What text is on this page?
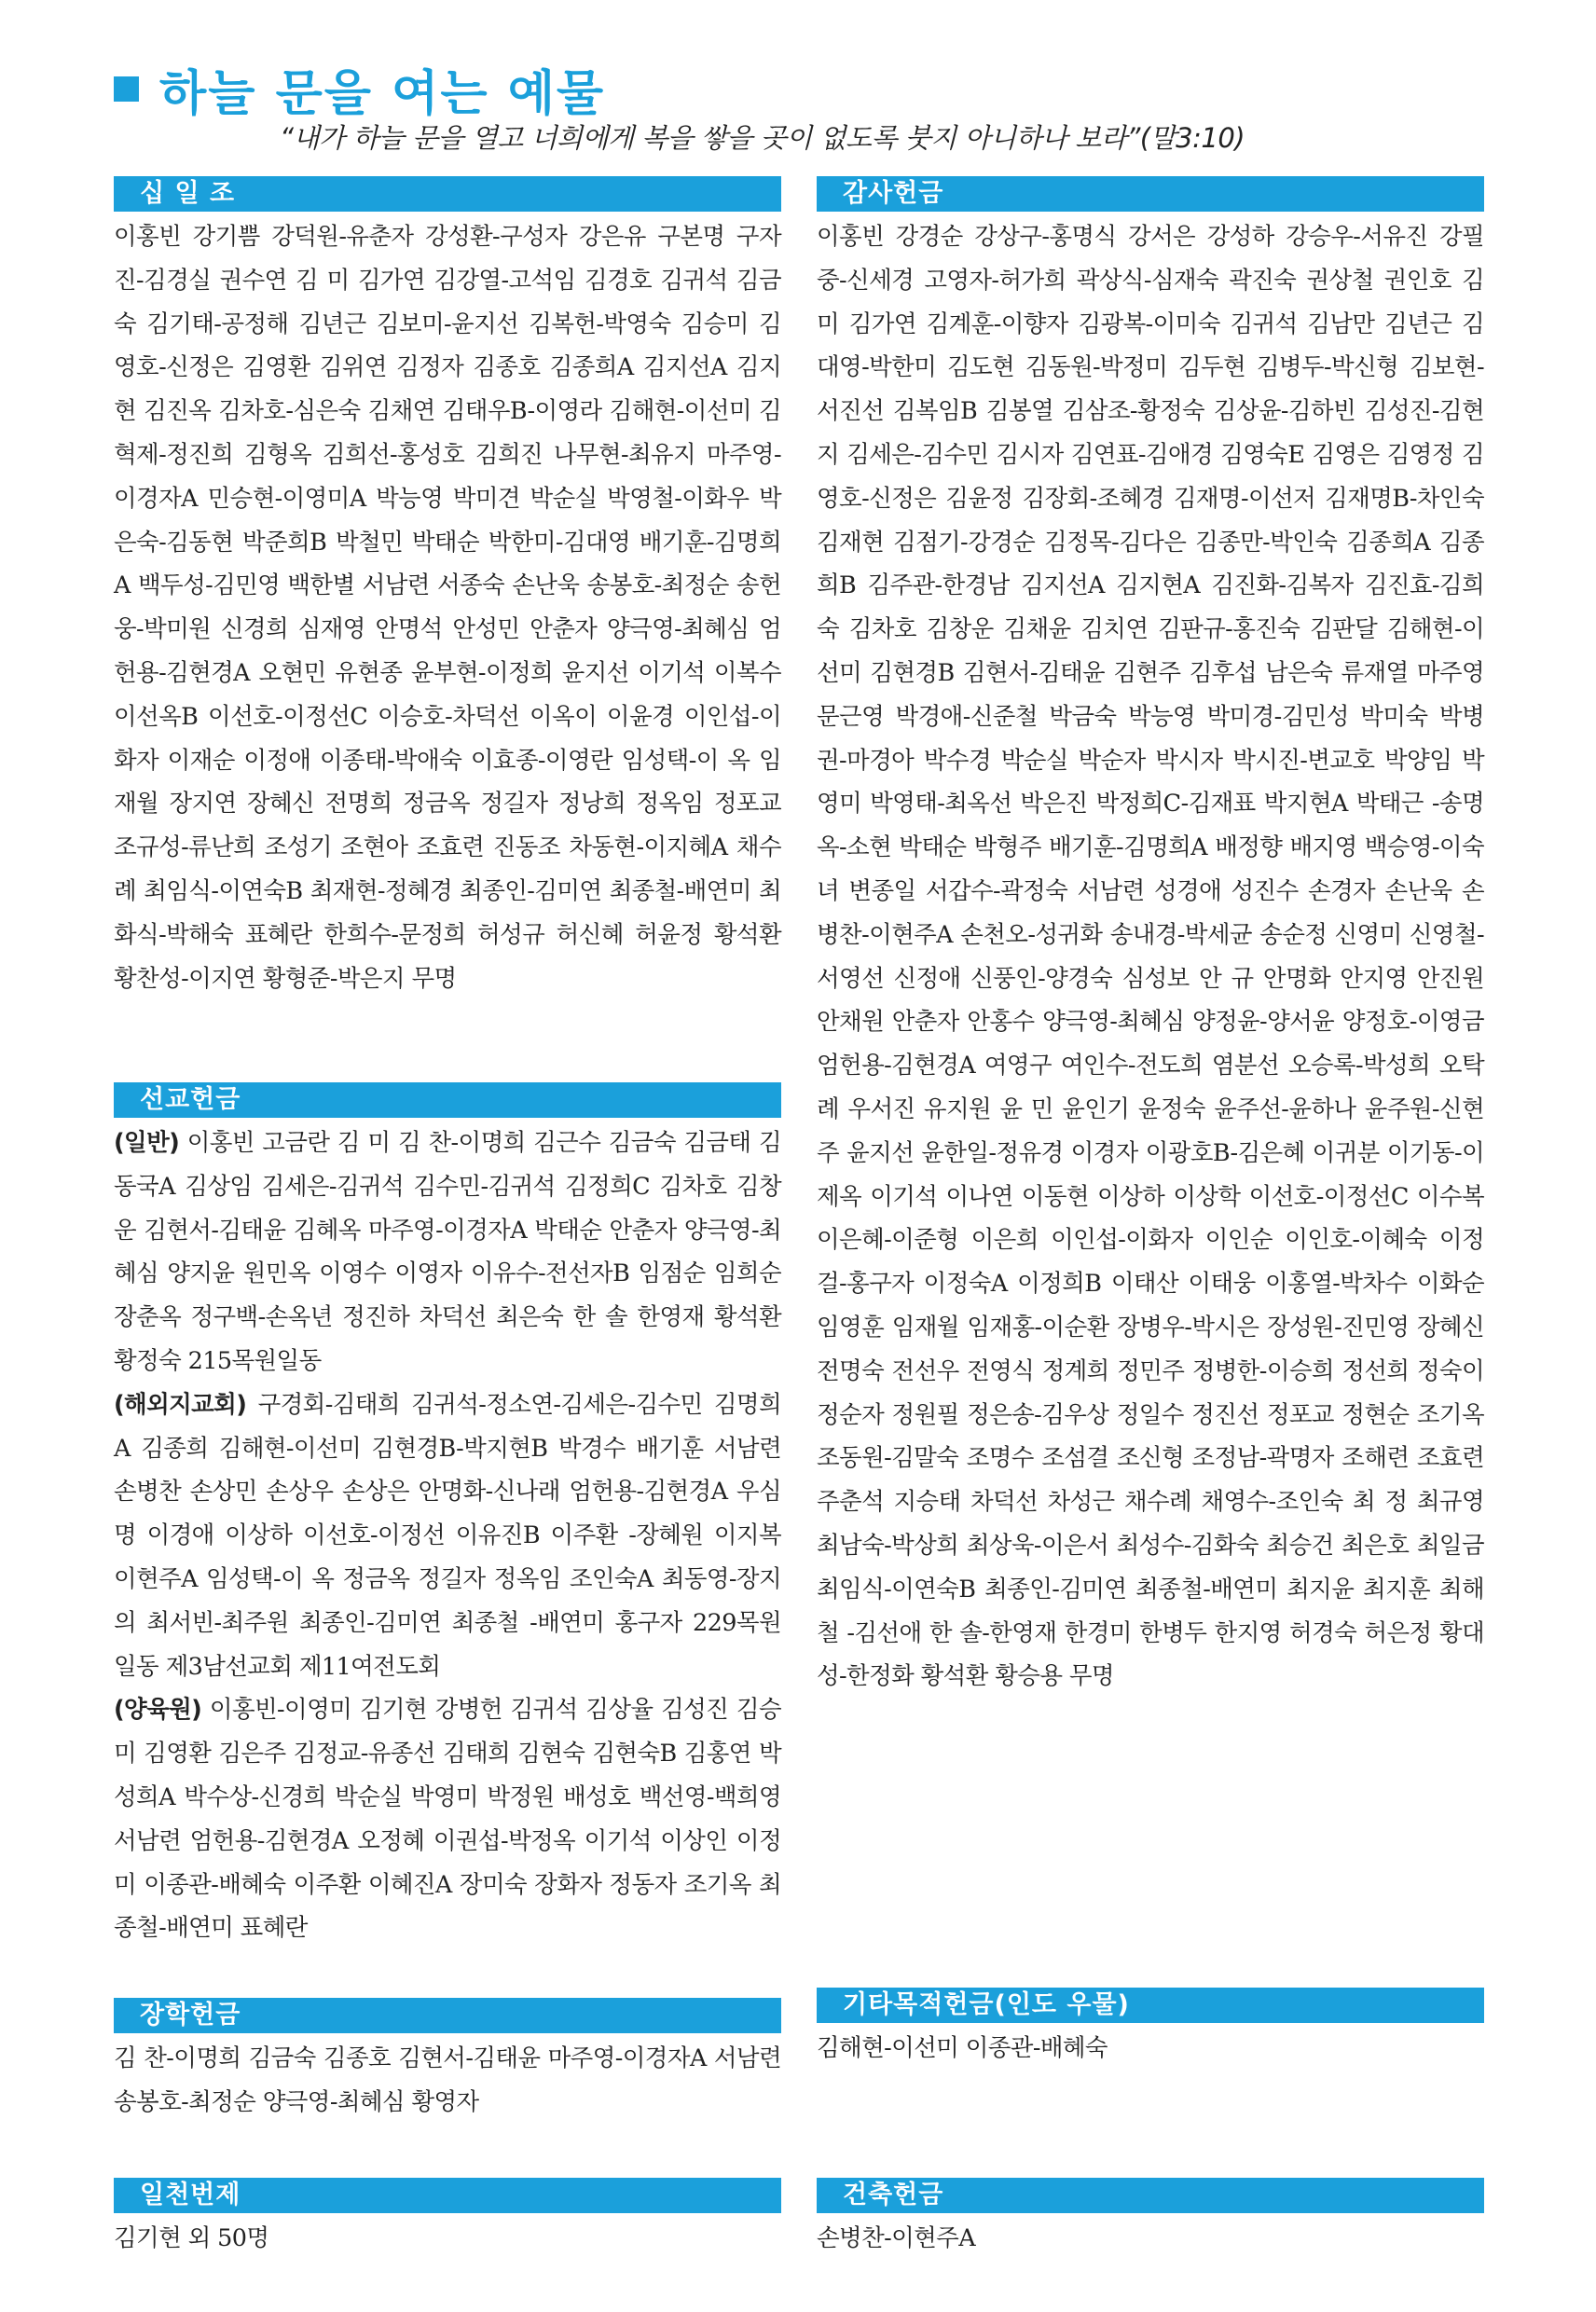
하늘 문을 여는 예물
“내가 하늘 문을 열고 너희에게 복을 쌓을 곳이 없도록 붓지 아니하나 보라”(말3:10)
십 일 조
이홍빈 강기쁨 강덕원-유춘자 강성환-구성자 강은유 구본명 구자진-김경실 권수연 김 미 김가연 김강열-고석임 김경호 김귀석 김금숙 김기태-공정해 김년근 김보미-윤지선 김복헌-박영숙 김승미 김영호-신정은 김영환 김위연 김정자 김종호 김종희A 김지선A 김지현 김진옥 김차호-심은숙 김채연 김태우B-이영라 김해현-이선미 김혁제-정진희 김형옥 김희선-홍성호 김희진 나무현-최유지 마주영-이경자A 민승현-이영미A 박능영 박미견 박순실 박영철-이화우 박은숙-김동현 박준희B 박철민 박태순 박한미-김대영 배기훈-김명희A 백두성-김민영 백한별 서남련 서종숙 손난욱 송봉호-최정순 송헌웅-박미원 신경희 심재영 안명석 안성민 안춘자 양극영-최혜심 엄헌용-김현경A 오현민 유현종 윤부현-이정희 윤지선 이기석 이복수 이선옥B 이선호-이정선C 이승호-차덕선 이옥이 이윤경 이인섭-이화자 이재순 이정애 이종태-박애숙 이효종-이영란 임성택-이 옥 임재월 장지연 장혜신 전명희 정금옥 정길자 정낭희 정옥임 정포교 조규성-류난희 조성기 조현아 조효련 진동조 차동현-이지혜A 채수례 최임식-이연숙B 최재현-정혜경 최종인-김미연 최종철-배연미 최화식-박해숙 표혜란 한희수-문정희 허성규 허신혜 허윤정 황석환 황찬성-이지연 황형준-박은지 무명
선교헌금
(일반) 이홍빈 고금란 김 미 김 찬-이명희 김근수 김금숙 김금태 김동국A 김상임 김세은-김귀석 김수민-김귀석 김정희C 김차호 김창운 김현서-김태윤 김혜옥 마주영-이경자A 박태순 안춘자 양극영-최혜심 양지윤 원민옥 이영수 이영자 이유수-전선자B 임점순 임희순 장춘옥 정구백-손옥년 정진하 차덕선 최은숙 한 솔 한영재 황석환 황정숙 215목원일동
(해외지교회) 구경회-김태희 김귀석-정소연-김세은-김수민 김명희A 김종희 김해현-이선미 김현경B-박지현B 박경수 배기훈 서남련 손병찬 손상민 손상우 손상은 안명화-신나래 엄헌용-김현경A 우심명 이경애 이상하 이선호-이정선 이유진B 이주환 -장혜원 이지복 이현주A 임성택-이 옥 정금옥 정길자 정옥임 조인숙A 최동영-장지의 최서빈-최주원 최종인-김미연 최종철 -배연미 홍구자 229목원일동 제3남선교회 제11여전도회
(양육원) 이홍빈-이영미 김기현 강병헌 김귀석 김상율 김성진 김승미 김영환 김은주 김정교-유종선 김태희 김현숙 김현숙B 김홍연 박성희A 박수상-신경희 박순실 박영미 박정원 배성호 백선영-백희영 서남련 엄헌용-김현경A 오정혜 이권섭-박정옥 이기석 이상인 이정미 이종관-배혜숙 이주환 이혜진A 장미숙 장화자 정동자 조기옥 최종철-배연미 표혜란
장학헌금
김 찬-이명희 김금숙 김종호 김현서-김태윤 마주영-이경자A 서남련 송봉호-최정순 양극영-최혜심 황영자
일천번제
김기현 외 50명
감사헌금
이홍빈 강경순 강상구-홍명식 강서은 강성하 강승우-서유진 강필중-신세경 고영자-허가희 곽상식-심재숙 곽진숙 권상철 권인호 김 미 김가연 김계훈-이향자 김광복-이미숙 김귀석 김남만 김년근 김대영-박한미 김도현 김동원-박정미 김두현 김병두-박신형 김보현-서진선 김복임B 김봉열 김삼조-황정숙 김상윤-김하빈 김성진-김현지 김세은-김수민 김시자 김연표-김애경 김영숙E 김영은 김영정 김영호-신정은 김윤정 김장회-조혜경 김재명-이선저 김재명B-차인숙 김재현 김점기-강경순 김정목-김다은 김종만-박인숙 김종희A 김종희B 김주관-한경남 김지선A 김지현A 김진화-김복자 김진효-김희숙 김차호 김창운 김채윤 김치연 김판규-홍진숙 김판달 김해현-이선미 김현경B 김현서-김태윤 김현주 김후섭 남은숙 류재열 마주영 문근영 박경애-신준철 박금숙 박능영 박미경-김민성 박미숙 박병권-마경아 박수경 박순실 박순자 박시자 박시진-변교호 박양임 박영미 박영태-최옥선 박은진 박정희C-김재표 박지현A 박태근 -송명옥-소현 박태순 박형주 배기훈-김명희A 배정향 배지영 백승영-이숙녀 변종일 서갑수-곽정숙 서남련 성경애 성진수 손경자 손난욱 손병찬-이현주A 손천오-성귀화 송내경-박세균 송순정 신영미 신영철-서영선 신정애 신풍인-양경숙 심성보 안 규 안명화 안지영 안진원 안채원 안춘자 안홍수 양극영-최혜심 양정윤-양서윤 양정호-이영금 엄헌용-김현경A 여영구 여인수-전도희 염분선 오승록-박성희 오탁례 우서진 유지원 윤 민 윤인기 윤정숙 윤주선-윤하나 윤주원-신현주 윤지선 윤한일-정유경 이경자 이광호B-김은혜 이귀분 이기동-이제옥 이기석 이나연 이동현 이상하 이상학 이선호-이정선C 이수복 이은혜-이준형 이은희 이인섭-이화자 이인순 이인호-이혜숙 이정걸-홍구자 이정숙A 이정희B 이태산 이태웅 이홍열-박차수 이화순 임영훈 임재월 임재홍-이순환 장병우-박시은 장성원-진민영 장혜신 전명숙 전선우 전영식 정계희 정민주 정병한-이승희 정선희 정숙이 정순자 정원필 정은송-김우상 정일수 정진선 정포교 정현순 조기옥 조동원-김말숙 조명수 조섬결 조신형 조정남-곽명자 조해련 조효련 주춘석 지승태 차덕선 차성근 채수례 채영수-조인숙 최 정 최규영 최남숙-박상희 최상욱-이은서 최성수-김화숙 최승건 최은호 최일금 최임식-이연숙B 최종인-김미연 최종철-배연미 최지윤 최지훈 최해철 -김선애 한 솔-한영재 한경미 한병두 한지영 허경숙 허은정 황대성-한정화 황석환 황승용 무명
기타목적헌금(인도 우물)
김해현-이선미 이종관-배혜숙
건축헌금
손병찬-이현주A
